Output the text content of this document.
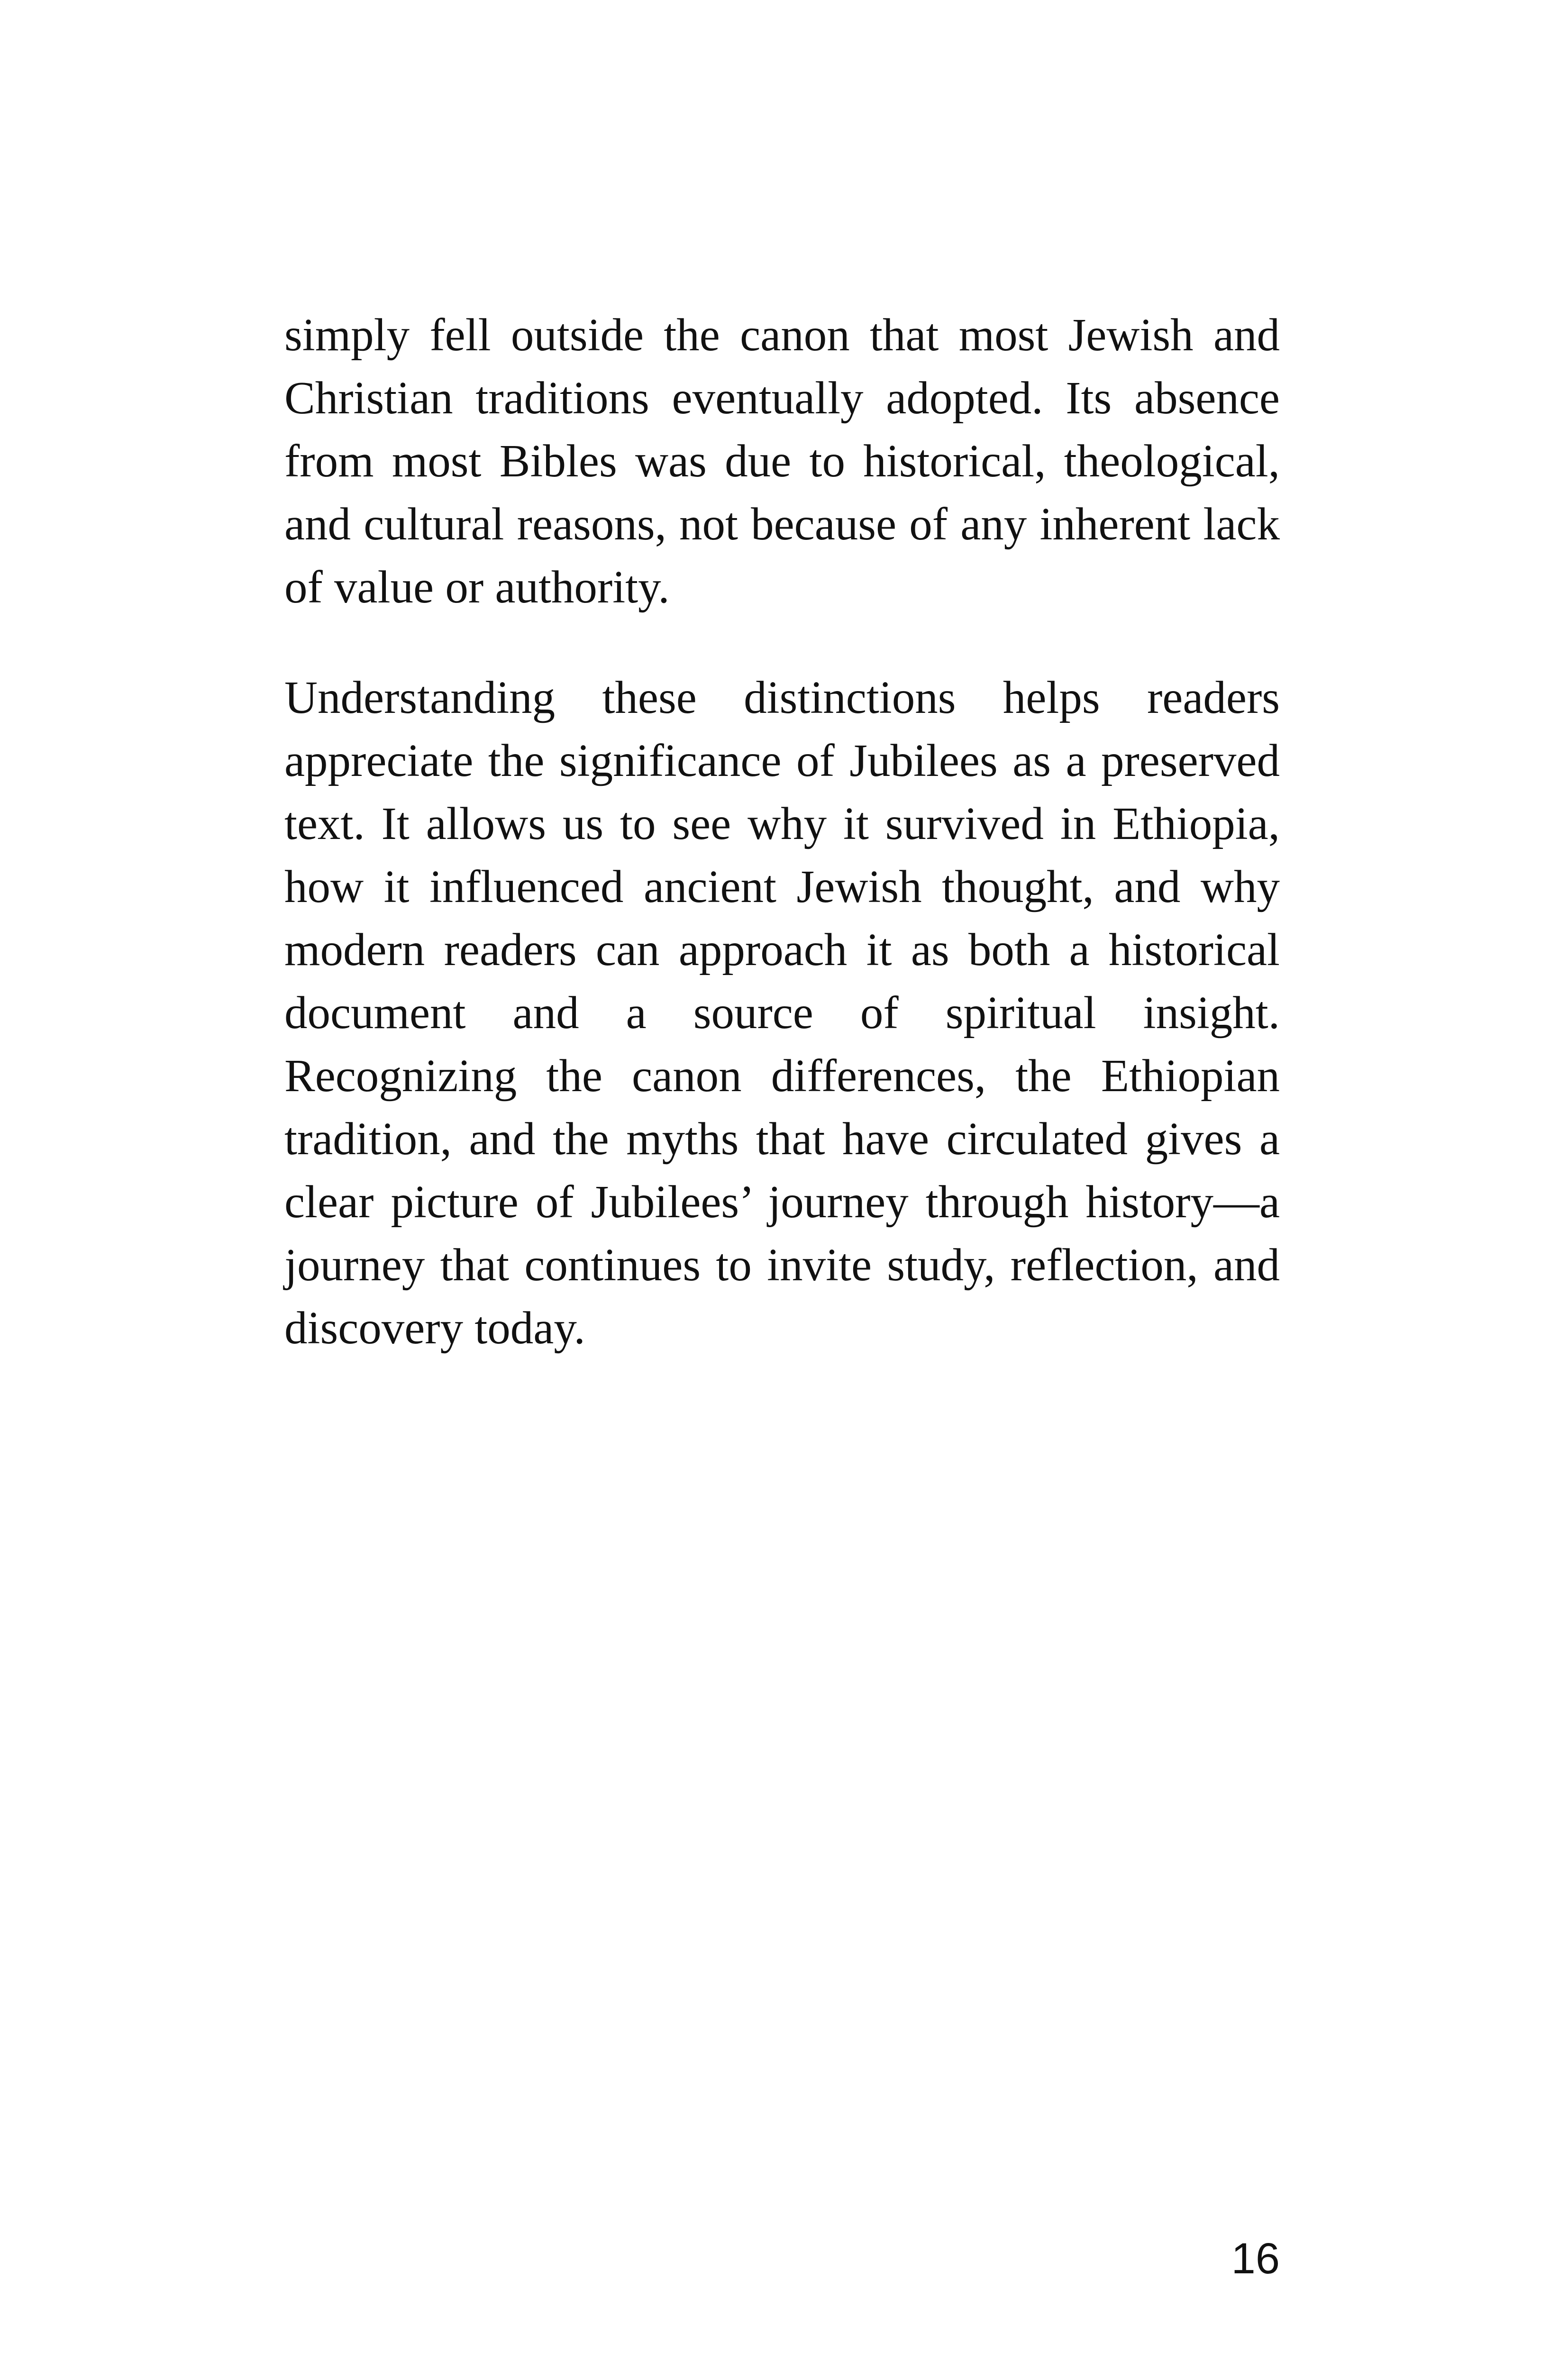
simply fell outside the canon that most Jewish and Christian traditions eventually adopted. Its absence from most Bibles was due to historical, theological, and cultural reasons, not because of any inherent lack of value or authority.

Understanding these distinctions helps readers appreciate the significance of Jubilees as a preserved text. It allows us to see why it survived in Ethiopia, how it influenced ancient Jewish thought, and why modern readers can approach it as both a historical document and a source of spiritual insight. Recognizing the canon differences, the Ethiopian tradition, and the myths that have circulated gives a clear picture of Jubilees’ journey through history—a journey that continues to invite study, reflection, and discovery today.

16
